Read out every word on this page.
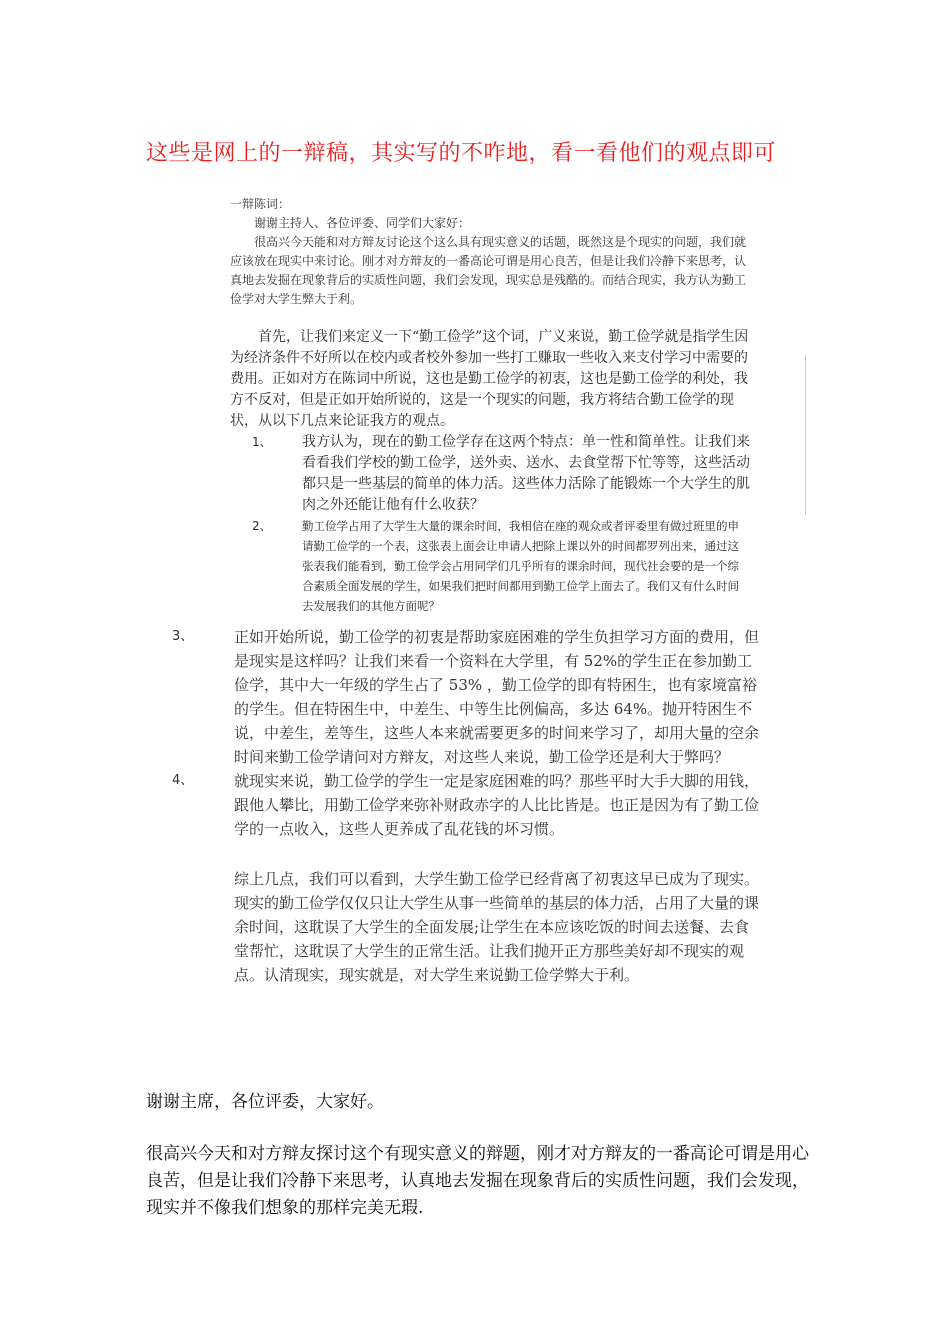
这些是网上的一辩稿，其实写的不咋地，看一看他们的观点即可

一辩陈词：

谢谢主持人、各位评委、同学们大家好：

很高兴今天能和对方辩友讨论这个这么具有现实意义的话题，既然这是个现实的问题，我们就应该放在现实中来讨论。刚才对方辩友的一番高论可谓是用心良苦，但是让我们冷静下来思考，认真地去发掘在现象背后的实质性问题，我们会发现，现实总是残酷的。而结合现实，我方认为勤工俭学对大学生弊大于利。

首先，让我们来定义一下“勤工俭学”这个词，广义来说，勤工俭学就是指学生因为经济条件不好所以在校内或者校外参加一些打工赚取一些收入来支付学习中需要的费用。正如对方在陈词中所说，这也是勤工俭学的初衷，这也是勤工俭学的利处，我方不反对，但是正如开始所说的，这是一个现实的问题，我方将结合勤工俭学的现状，从以下几点来论证我方的观点。

1、	我方认为，现在的勤工俭学存在这两个特点：单一性和简单性。让我们来看看我们学校的勤工俭学，送外卖、送水、去食堂帮下忙等等，这些活动都只是一些基层的简单的体力活。这些体力活除了能锻炼一个大学生的肌肉之外还能让他有什么收获？
2、	勤工俭学占用了大学生大量的课余时间，我相信在座的观众或者评委里有做过班里的申请勤工俭学的一个表，这张表上面会让申请人把除上课以外的时间都罗列出来，通过这张表我们能看到，勤工俭学会占用同学们几乎所有的课余时间，现代社会要的是一个综合素质全面发展的学生，如果我们把时间都用到勤工俭学上面去了。我们又有什么时间去发展我们的其他方面呢？
3、	正如开始所说，勤工俭学的初衷是帮助家庭困难的学生负担学习方面的费用，但是现实是这样吗？让我们来看一个资料在大学里，有 52%的学生正在参加勤工俭学，其中大一年级的学生占了 53% ，勤工俭学的即有特困生，也有家境富裕的学生。但在特困生中，中差生、中等生比例偏高，多达 64%。抛开特困生不说，中差生，差等生，这些人本来就需要更多的时间来学习了，却用大量的空余时间来勤工俭学请问对方辩友，对这些人来说，勤工俭学还是利大于弊吗？
4、	就现实来说，勤工俭学的学生一定是家庭困难的吗？那些平时大手大脚的用钱，跟他人攀比，用勤工俭学来弥补财政赤字的人比比皆是。也正是因为有了勤工俭学的一点收入，这些人更养成了乱花钱的坏习惯。

综上几点，我们可以看到，大学生勤工俭学已经背离了初衷这早已成为了现实。现实的勤工俭学仅仅只让大学生从事一些简单的基层的体力活，占用了大量的课余时间，这耽误了大学生的全面发展;让学生在本应该吃饭的时间去送餐、去食堂帮忙，这耽误了大学生的正常生活。让我们抛开正方那些美好却不现实的观点。认清现实，现实就是，对大学生来说勤工俭学弊大于利。

谢谢主席，各位评委，大家好。

很高兴今天和对方辩友探讨这个有现实意义的辩题，刚才对方辩友的一番高论可谓是用心良苦，但是让我们冷静下来思考，认真地去发掘在现象背后的实质性问题，我们会发现，现实并不像我们想象的那样完美无瑕.
